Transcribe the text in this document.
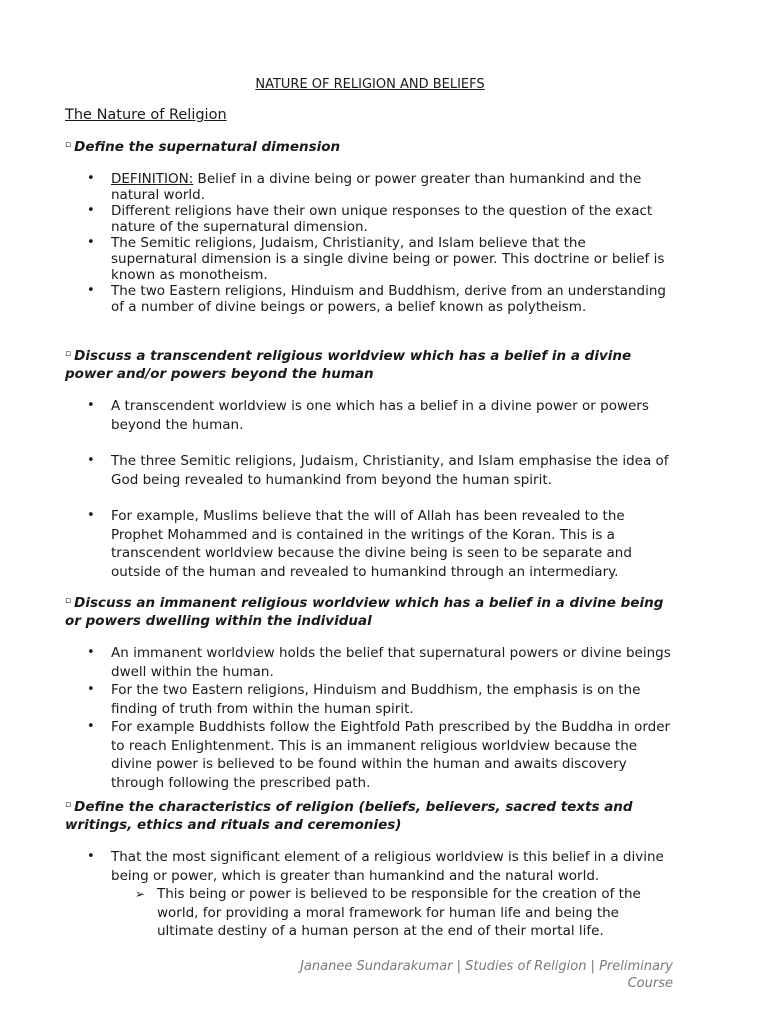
NATURE OF RELIGION AND BELIEFS
The Nature of Religion

▫ Define the supernatural dimension

• DEFINITION: Belief in a divine being or power greater than humankind and the natural world.
• Different religions have their own unique responses to the question of the exact nature of the supernatural dimension.
• The Semitic religions, Judaism, Christianity, and Islam believe that the supernatural dimension is a single divine being or power. This doctrine or belief is known as monotheism.
• The two Eastern religions, Hinduism and Buddhism, derive from an understanding of a number of divine beings or powers, a belief known as polytheism.

▫ Discuss a transcendent religious worldview which has a belief in a divine power and/or powers beyond the human

• A transcendent worldview is one which has a belief in a divine power or powers beyond the human.
• The three Semitic religions, Judaism, Christianity, and Islam emphasise the idea of God being revealed to humankind from beyond the human spirit.
• For example, Muslims believe that the will of Allah has been revealed to the Prophet Mohammed and is contained in the writings of the Koran. This is a transcendent worldview because the divine being is seen to be separate and outside of the human and revealed to humankind through an intermediary.

▫ Discuss an immanent religious worldview which has a belief in a divine being or powers dwelling within the individual

• An immanent worldview holds the belief that supernatural powers or divine beings dwell within the human.
• For the two Eastern religions, Hinduism and Buddhism, the emphasis is on the finding of truth from within the human spirit.
• For example Buddhists follow the Eightfold Path prescribed by the Buddha in order to reach Enlightenment. This is an immanent religious worldview because the divine power is believed to be found within the human and awaits discovery through following the prescribed path.

▫ Define the characteristics of religion (beliefs, believers, sacred texts and writings, ethics and rituals and ceremonies)

• That the most significant element of a religious worldview is this belief in a divine being or power, which is greater than humankind and the natural world.
➢ This being or power is believed to be responsible for the creation of the world, for providing a moral framework for human life and being the ultimate destiny of a human person at the end of their mortal life.
Jananee Sundarakumar | Studies of Religion | Preliminary
Course
